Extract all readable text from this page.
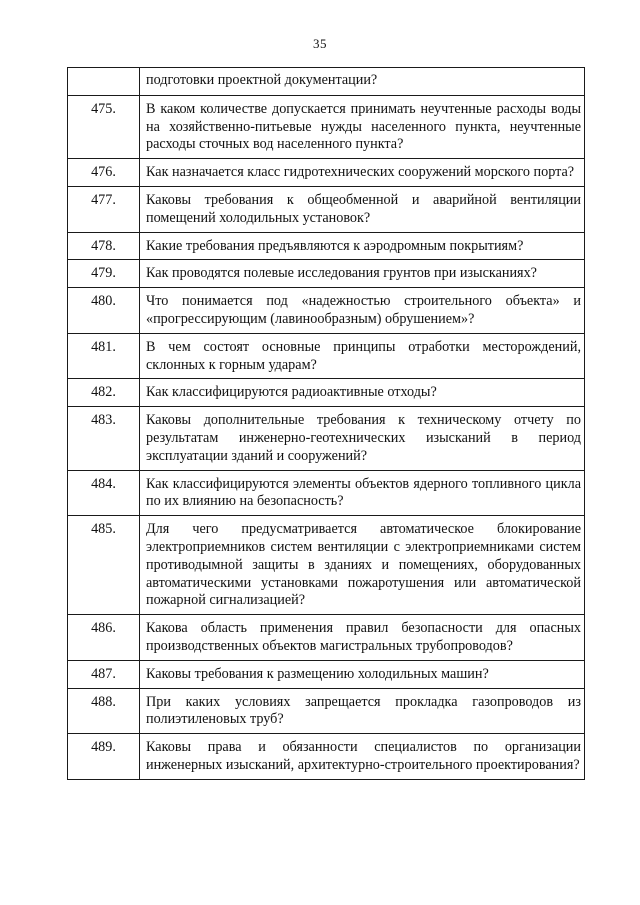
35
	подготовки проектной документации?
475.	В каком количестве допускается принимать неучтенные расходы воды на хозяйственно-питьевые нужды населенного пункта, неучтенные расходы сточных вод населенного пункта?
476.	Как назначается класс гидротехнических сооружений морского порта?
477.	Каковы требования к общеобменной и аварийной вентиляции помещений холодильных установок?
478.	Какие требования предъявляются к аэродромным покрытиям?
479.	Как проводятся полевые исследования грунтов при изысканиях?
480.	Что понимается под «надежностью строительного объекта» и «прогрессирующим (лавинообразным) обрушением»?
481.	В чем состоят основные принципы отработки месторождений, склонных к горным ударам?
482.	Как классифицируются радиоактивные отходы?
483.	Каковы дополнительные требования к техническому отчету по результатам инженерно-геотехнических изысканий в период эксплуатации зданий и сооружений?
484.	Как классифицируются элементы объектов ядерного топливного цикла по их влиянию на безопасность?
485.	Для чего предусматривается автоматическое блокирование электроприемников систем вентиляции с электроприемниками систем противодымной защиты в зданиях и помещениях, оборудованных автоматическими установками пожаротушения или автоматической пожарной сигнализацией?
486.	Какова область применения правил безопасности для опасных производственных объектов магистральных трубопроводов?
487.	Каковы требования к размещению холодильных машин?
488.	При каких условиях запрещается прокладка газопроводов из полиэтиленовых труб?
489.	Каковы права и обязанности специалистов по организации инженерных изысканий, архитектурно-строительного проектирования?
